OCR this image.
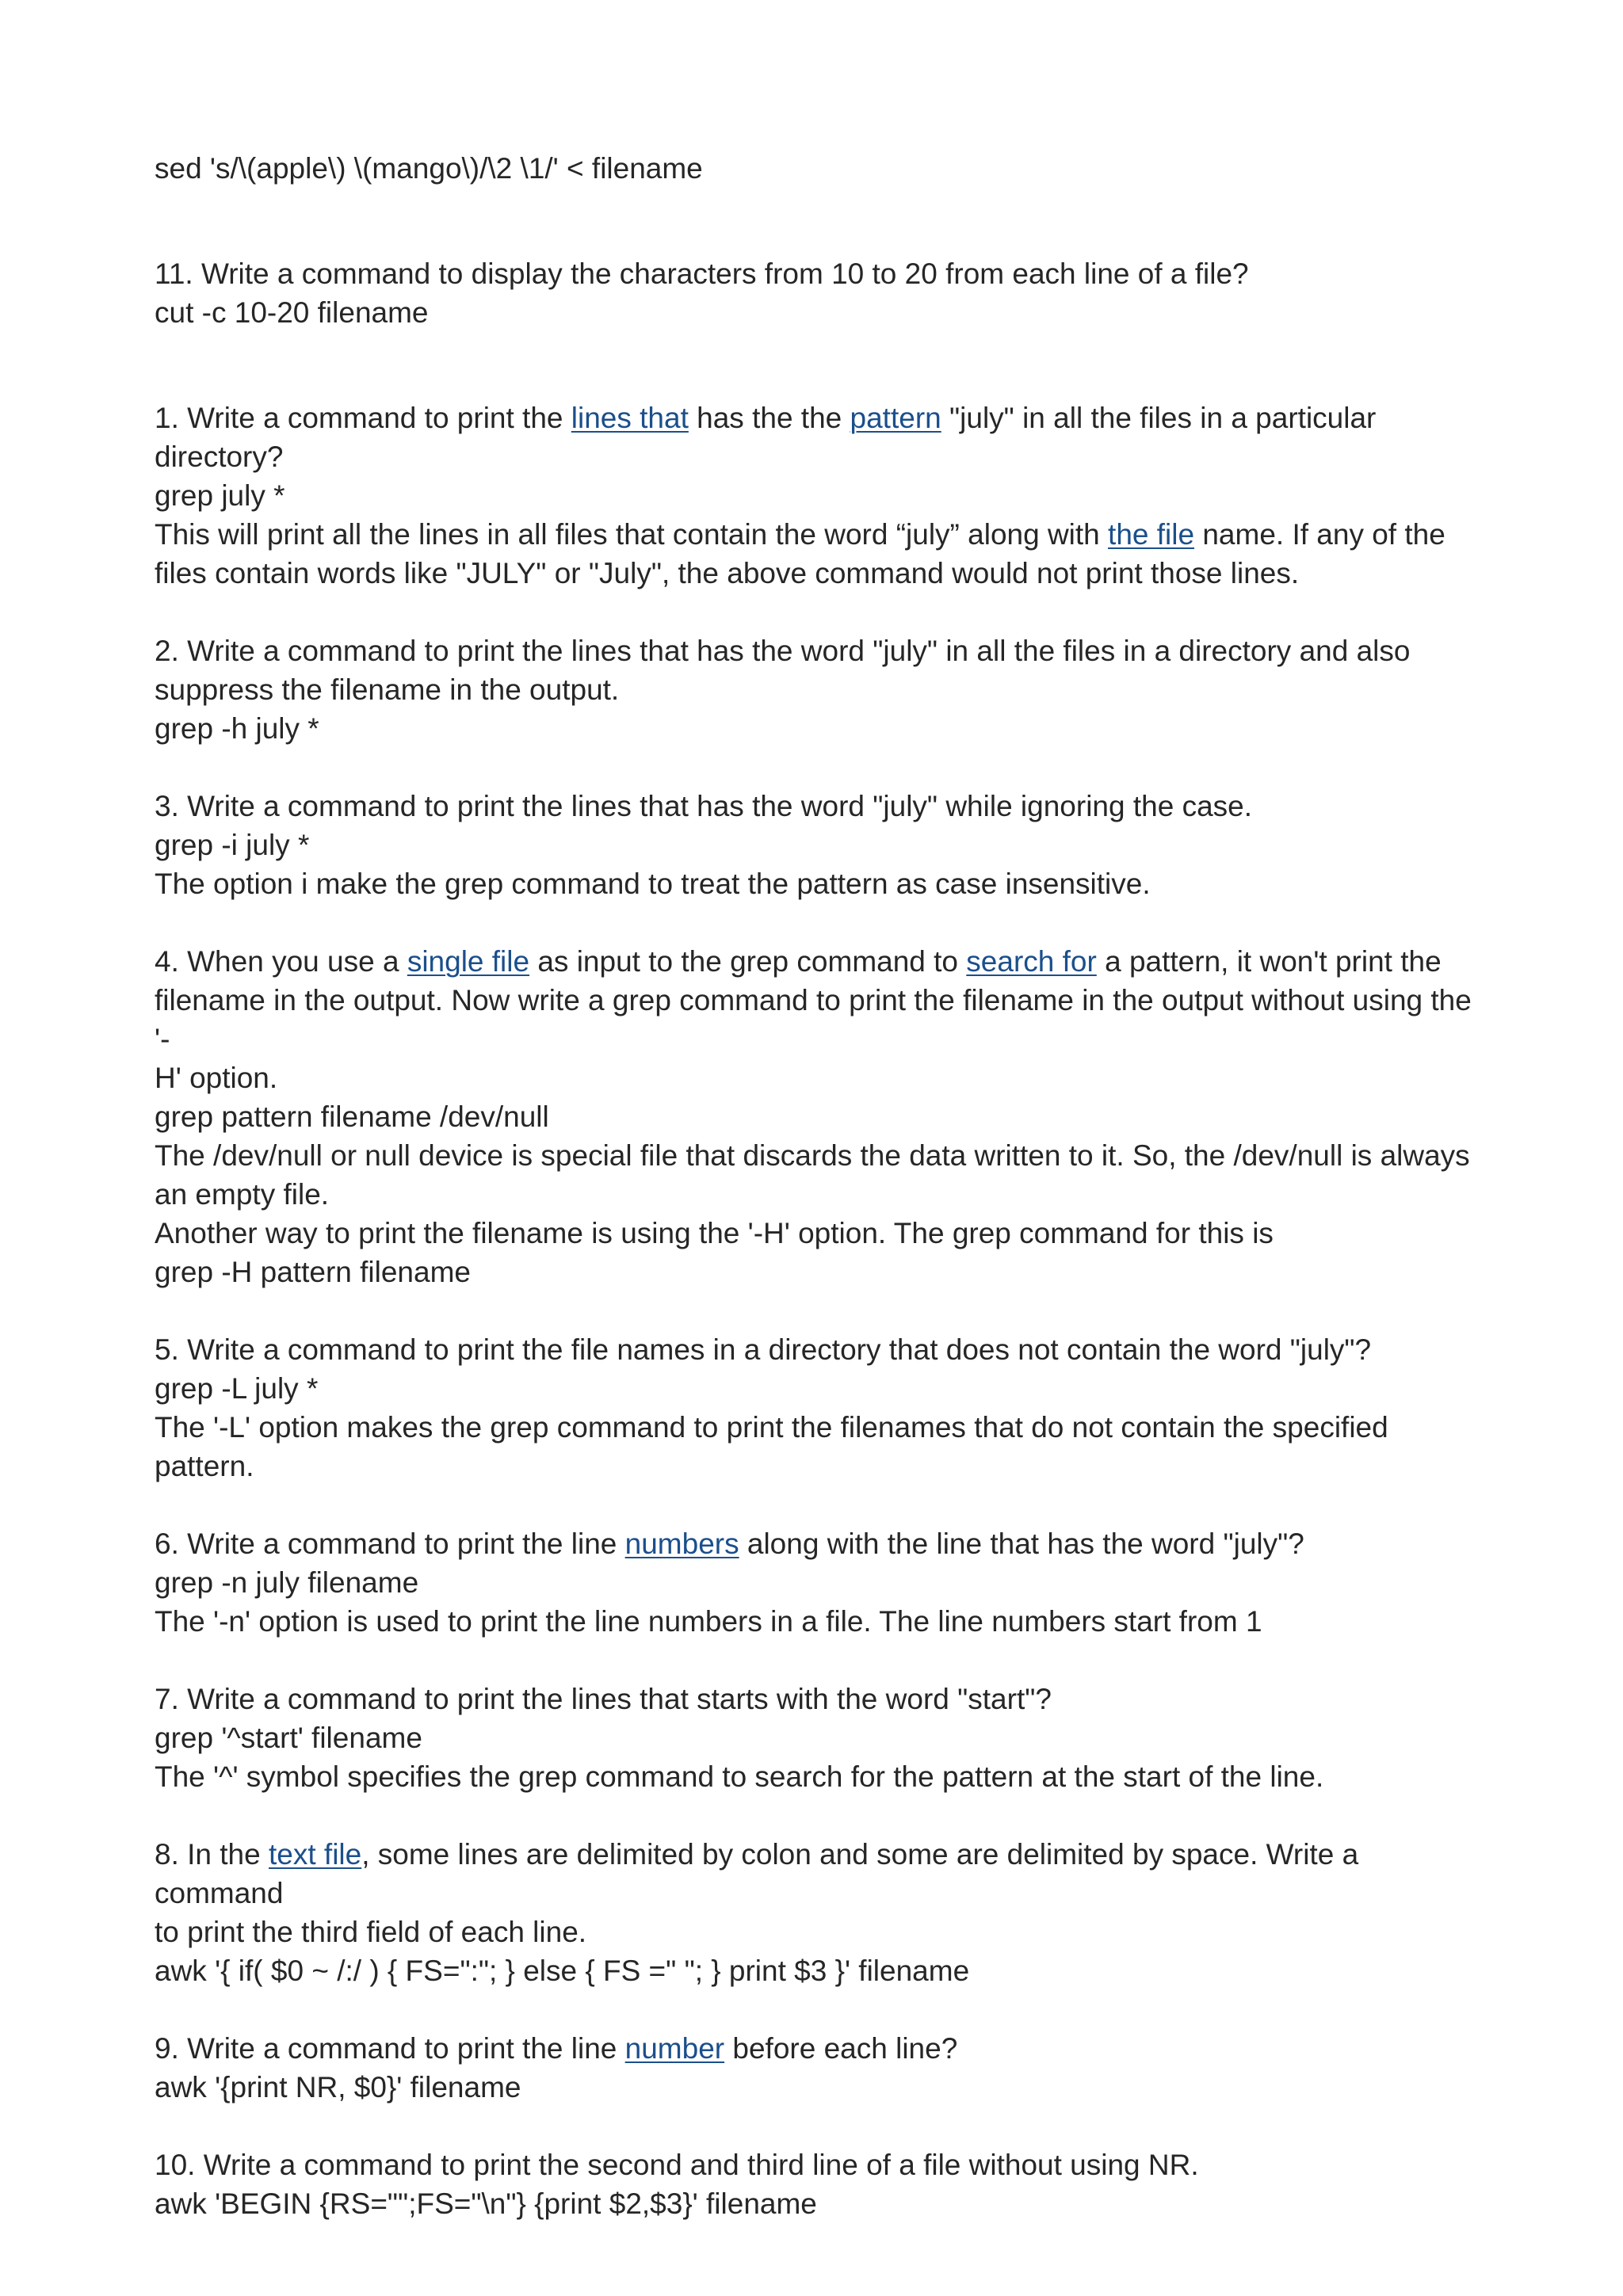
sed 's/\(apple\) \(mango\)/\2 \1/' < filename

11. Write a command to display the characters from 10 to 20 from each line of a file?

cut -c 10-20 filename

1. Write a command to print the lines that has the the pattern "july" in all the files in a particular

directory?

grep july *

This will print all the lines in all files that contain the word “july” along with the file name. If any of the

files contain words like "JULY" or "July", the above command would not print those lines.

2. Write a command to print the lines that has the word "july" in all the files in a directory and also

suppress the filename in the output.

grep -h july *

3. Write a command to print the lines that has the word "july" while ignoring the case.

grep -i july *

The option i make the grep command to treat the pattern as case insensitive.

4. When you use a single file as input to the grep command to search for a pattern, it won't print the

filename in the output. Now write a grep command to print the filename in the output without using the '-

H' option.

grep pattern filename /dev/null

The /dev/null or null device is special file that discards the data written to it. So, the /dev/null is always

an empty file.

Another way to print the filename is using the '-H' option. The grep command for this is

grep -H pattern filename

5. Write a command to print the file names in a directory that does not contain the word "july"?

grep -L july *

The '-L' option makes the grep command to print the filenames that do not contain the specified pattern.

6. Write a command to print the line numbers along with the line that has the word "july"?

grep -n july filename

The '-n' option is used to print the line numbers in a file. The line numbers start from 1

7. Write a command to print the lines that starts with the word "start"?

grep '^start' filename

The '^' symbol specifies the grep command to search for the pattern at the start of the line.

8. In the text file, some lines are delimited by colon and some are delimited by space. Write a command

to print the third field of each line.

awk '{ if( $0 ~ /:/ ) { FS=":"; } else { FS =" "; } print $3 }' filename

9. Write a command to print the line number before each line?

awk '{print NR, $0}' filename

10. Write a command to print the second and third line of a file without using NR.

awk 'BEGIN {RS="";FS="\n"} {print $2,$3}' filename
